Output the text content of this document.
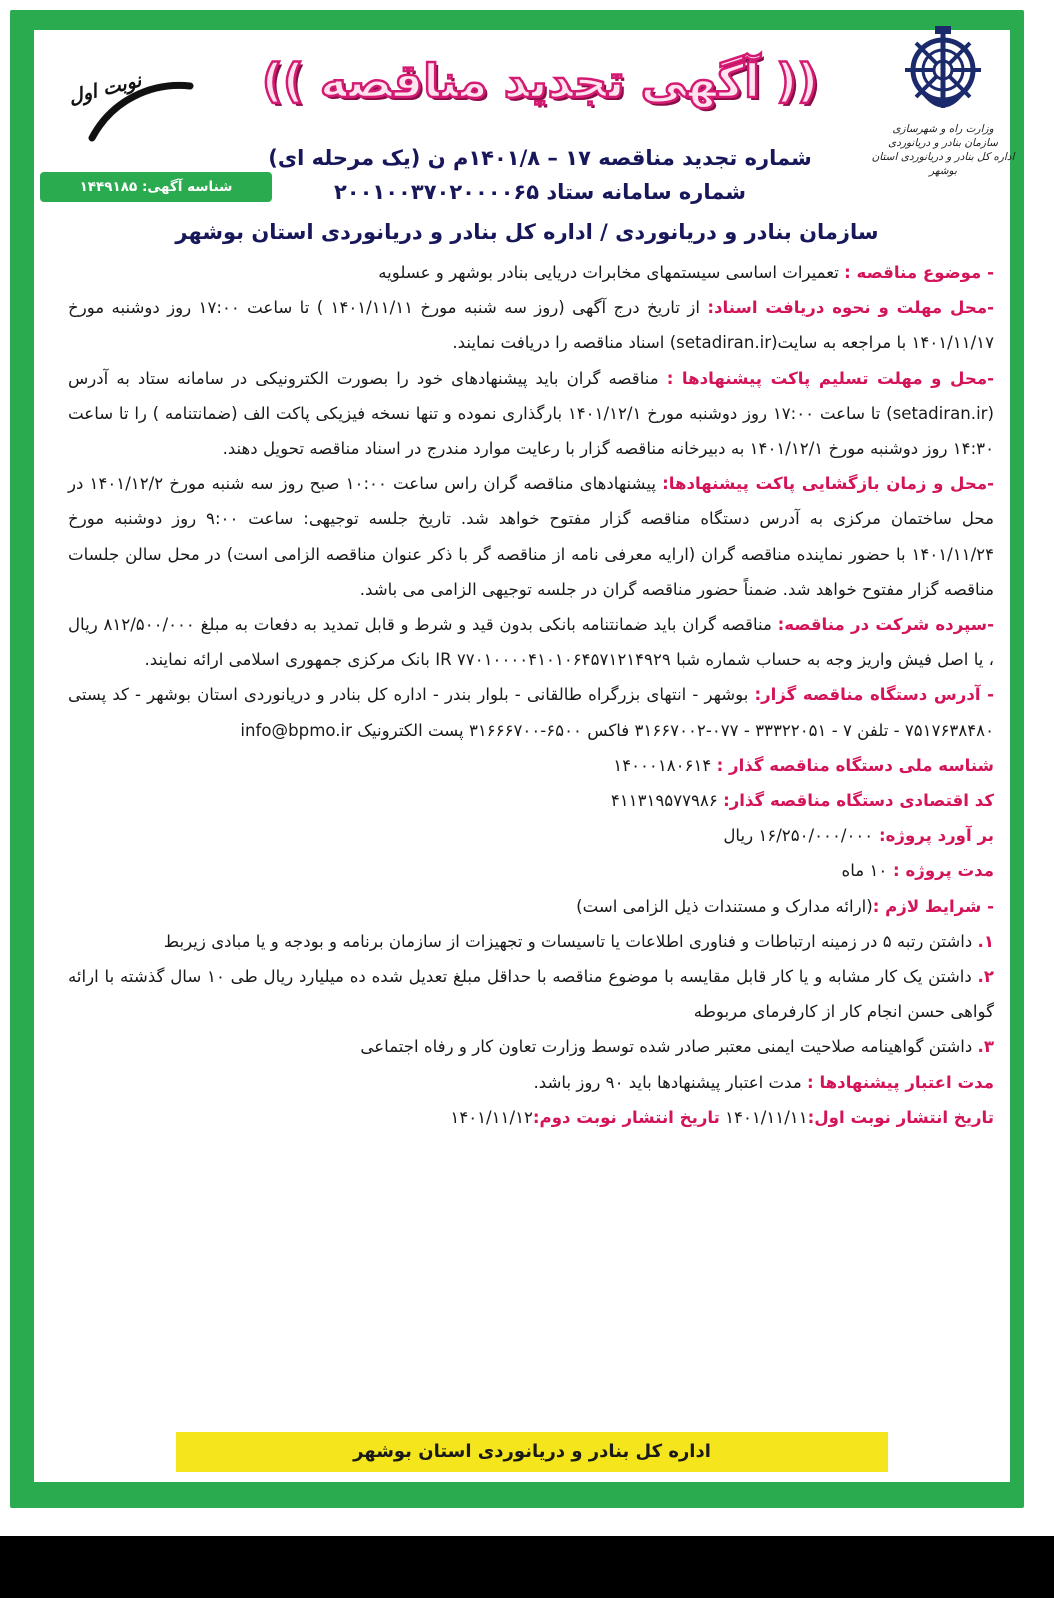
وزارت راه و شهرسازی
سازمان بنادر و دریانوردی
اداره کل بنادر و دریانوردی استان بوشهر
نوبت اول	(( آگهی تجدید مناقصه ))
شماره تجدید مناقصه ۱۷ – ۱۴۰۱/۸م ن (یک مرحله ای)
شماره سامانه ستاد ۲۰۰۱۰۰۳۷۰۲۰۰۰۰۶۵
شناسه آگهی: ۱۴۴۹۱۸۵
سازمان بنادر و دریانوردی / اداره کل بنادر و دریانوردی استان بوشهر

- موضوع مناقصه : تعمیرات اساسی سیستمهای مخابرات دریایی بنادر بوشهر و عسلویه

-محل مهلت و نحوه دریافت اسناد: از تاریخ درج آگهی (روز سه شنبه مورخ ۱۴۰۱/۱۱/۱۱ ) تا ساعت ۱۷:۰۰ روز دوشنبه مورخ ۱۴۰۱/۱۱/۱۷ با مراجعه به سایت(setadiran.ir) اسناد مناقصه را دریافت نمایند.

-محل و مهلت تسلیم پاکت پیشنهادها : مناقصه گران باید پیشنهادهای خود را بصورت الکترونیکی در سامانه ستاد به آدرس (setadiran.ir) تا ساعت ۱۷:۰۰ روز دوشنبه مورخ ۱۴۰۱/۱۲/۱ بارگذاری نموده و تنها نسخه فیزیکی پاکت الف (ضمانتنامه ) را تا ساعت ۱۴:۳۰ روز دوشنبه مورخ ۱۴۰۱/۱۲/۱ به دبیرخانه مناقصه گزار با رعایت موارد مندرج در اسناد مناقصه تحویل دهند.

-محل و زمان بازگشایی پاکت پیشنهادها: پیشنهادهای مناقصه گران راس ساعت ۱۰:۰۰ صبح روز سه شنبه مورخ ۱۴۰۱/۱۲/۲ در محل ساختمان مرکزی به آدرس دستگاه مناقصه گزار مفتوح خواهد شد. تاریخ جلسه توجیهی: ساعت ۹:۰۰ روز دوشنبه مورخ ۱۴۰۱/۱۱/۲۴ با حضور نماینده مناقصه گران (ارایه معرفی نامه از مناقصه گر با ذکر عنوان مناقصه الزامی است) در محل سالن جلسات مناقصه گزار مفتوح خواهد شد. ضمناً حضور مناقصه گران در جلسه توجیهی الزامی می باشد.

-سپرده شرکت در مناقصه: مناقصه گران باید ضمانتنامه بانکی بدون قید و شرط و قابل تمدید به دفعات به مبلغ ۸۱۲/۵۰۰/۰۰۰ ریال ، یا اصل فیش واریز وجه به حساب شماره شبا IR ۷۷۰۱۰۰۰۰۴۱۰۱۰۶۴۵۷۱۲۱۴۹۲۹ بانک مرکزی جمهوری اسلامی ارائه نمایند.

- آدرس دستگاه مناقصه گزار: بوشهر - انتهای بزرگراه طالقانی - بلوار بندر - اداره کل بنادر و دریانوردی استان بوشهر - کد پستی ۷۵۱۷۶۳۸۴۸۰ - تلفن ۷ - ۳۳۳۲۲۰۵۱ - ۰۷۷-۳۱۶۶۷۰۰۲ فاکس ۶۵۰۰-۳۱۶۶۶۷۰۰ پست الکترونیک info@bpmo.ir

شناسه ملی دستگاه مناقصه گذار : ۱۴۰۰۰۱۸۰۶۱۴

کد اقتصادی دستگاه مناقصه گذار: ۴۱۱۳۱۹۵۷۷۹۸۶

بر آورد پروژه: ۱۶/۲۵۰/۰۰۰/۰۰۰ ریال

مدت پروژه : ۱۰ ماه

- شرایط لازم :(ارائه مدارک و مستندات ذیل الزامی است)

۱. داشتن رتبه ۵ در زمینه ارتباطات و فناوری اطلاعات یا تاسیسات و تجهیزات از سازمان برنامه و بودجه و یا مبادی زیربط

۲. داشتن یک کار مشابه و یا کار قابل مقایسه با موضوع مناقصه با حداقل مبلغ تعدیل شده ده میلیارد ریال طی ۱۰ سال گذشته با ارائه گواهی حسن انجام کار از کارفرمای مربوطه

۳. داشتن گواهینامه صلاحیت ایمنی معتبر صادر شده توسط وزارت تعاون کار و رفاه اجتماعی

مدت اعتبار پیشنهادها : مدت اعتبار پیشنهادها باید ۹۰ روز باشد.

تاریخ انتشار نوبت اول:۱۴۰۱/۱۱/۱۱ تاریخ انتشار نوبت دوم:۱۴۰۱/۱۱/۱۲

اداره کل بنادر و دریانوردی استان بوشهر
